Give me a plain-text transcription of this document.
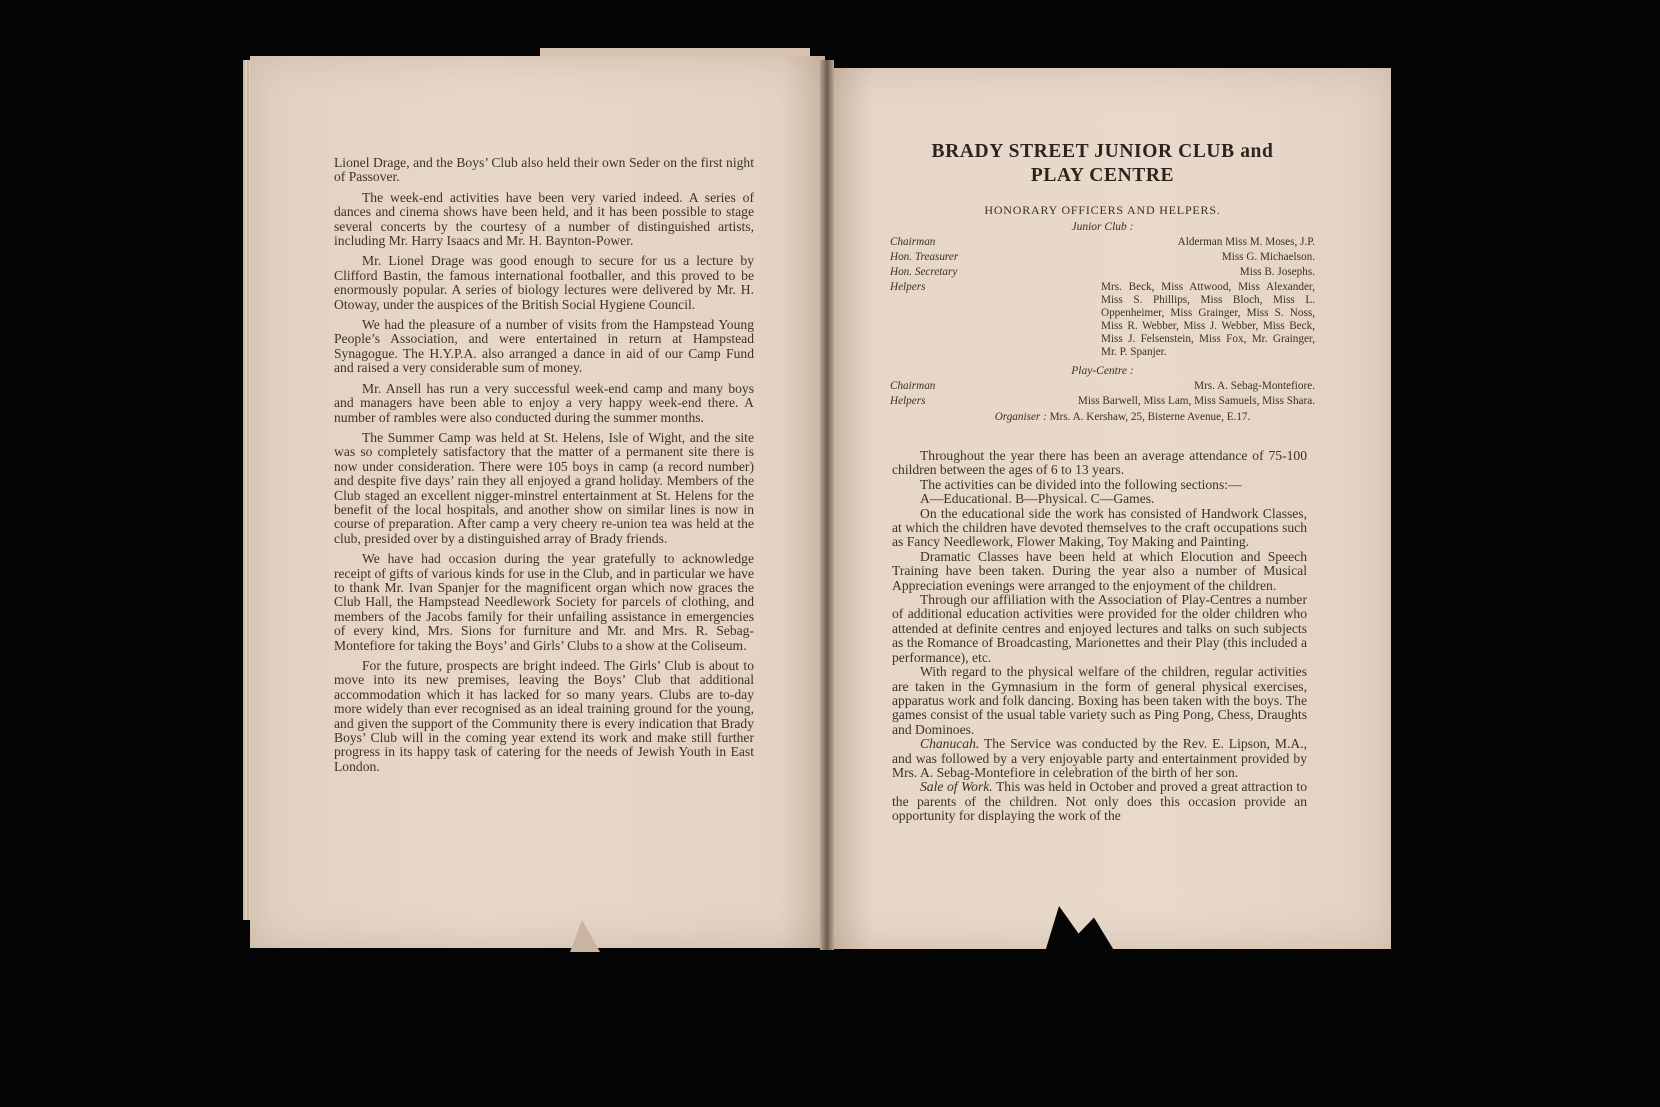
Lionel Drage, and the Boys’ Club also held their own Seder on the first night of Passover.

The week-end activities have been very varied indeed. A series of dances and cinema shows have been held, and it has been possible to stage several concerts by the courtesy of a number of distinguished artists, including Mr. Harry Isaacs and Mr. H. Baynton-Power.

Mr. Lionel Drage was good enough to secure for us a lecture by Clifford Bastin, the famous international footballer, and this proved to be enormously popular. A series of biology lectures were delivered by Mr. H. Otoway, under the auspices of the British Social Hygiene Council.

We had the pleasure of a number of visits from the Hampstead Young People’s Association, and were entertained in return at Hampstead Synagogue. The H.Y.P.A. also arranged a dance in aid of our Camp Fund and raised a very considerable sum of money.

Mr. Ansell has run a very successful week-end camp and many boys and managers have been able to enjoy a very happy week-end there. A number of rambles were also conducted during the summer months.

The Summer Camp was held at St. Helens, Isle of Wight, and the site was so completely satisfactory that the matter of a permanent site there is now under consideration. There were 105 boys in camp (a record number) and despite five days’ rain they all enjoyed a grand holiday. Members of the Club staged an excellent nigger-minstrel entertainment at St. Helens for the benefit of the local hospitals, and another show on similar lines is now in course of preparation. After camp a very cheery re-union tea was held at the club, presided over by a distinguished array of Brady friends.

We have had occasion during the year gratefully to acknowledge receipt of gifts of various kinds for use in the Club, and in particular we have to thank Mr. Ivan Spanjer for the magnificent organ which now graces the Club Hall, the Hampstead Needlework Society for parcels of clothing, and members of the Jacobs family for their unfailing assistance in emergencies of every kind, Mrs. Sions for furniture and Mr. and Mrs. R. Sebag-Montefiore for taking the Boys’ and Girls’ Clubs to a show at the Coliseum.

For the future, prospects are bright indeed. The Girls’ Club is about to move into its new premises, leaving the Boys’ Club that additional accommodation which it has lacked for so many years. Clubs are to-day more widely than ever recognised as an ideal training ground for the young, and given the support of the Community there is every indication that Brady Boys’ Club will in the coming year extend its work and make still further progress in its happy task of catering for the needs of Jewish Youth in East London.

BRADY STREET JUNIOR CLUB and
PLAY CENTRE
HONORARY OFFICERS AND HELPERS.
Junior Club :
Chairman	Alderman Miss M. Moses, J.P.
Hon. Treasurer	Miss G. Michaelson.
Hon. Secretary	Miss B. Josephs.
Helpers	Mrs. Beck, Miss Attwood, Miss Alexander, Miss S. Phillips, Miss Bloch, Miss L. Oppenheimer, Miss Grainger, Miss S. Noss, Miss R. Webber, Miss J. Webber, Miss Beck, Miss J. Felsenstein, Miss Fox, Mr. Grainger, Mr. P. Spanjer.
Play-Centre :
Chairman	Mrs. A. Sebag-Montefiore.
Helpers	Miss Barwell, Miss Lam, Miss Samuels, Miss Shara.
Organiser : Mrs. A. Kershaw, 25, Bisterne Avenue, E.17.

Throughout the year there has been an average attendance of 75-100 children between the ages of 6 to 13 years.

The activities can be divided into the following sections:—

A—Educational. B—Physical. C—Games.

On the educational side the work has consisted of Handwork Classes, at which the children have devoted themselves to the craft occupations such as Fancy Needlework, Flower Making, Toy Making and Painting.

Dramatic Classes have been held at which Elocution and Speech Training have been taken. During the year also a number of Musical Appreciation evenings were arranged to the enjoyment of the children.

Through our affiliation with the Association of Play-Centres a number of additional education activities were provided for the older children who attended at definite centres and enjoyed lectures and talks on such subjects as the Romance of Broadcasting, Marionettes and their Play (this included a performance), etc.

With regard to the physical welfare of the children, regular activities are taken in the Gymnasium in the form of general physical exercises, apparatus work and folk dancing. Boxing has been taken with the boys. The games consist of the usual table variety such as Ping Pong, Chess, Draughts and Dominoes.

Chanucah. The Service was conducted by the Rev. E. Lipson, M.A., and was followed by a very enjoyable party and entertainment provided by Mrs. A. Sebag-Montefiore in celebration of the birth of her son.

Sale of Work. This was held in October and proved a great attraction to the parents of the children. Not only does this occasion provide an opportunity for displaying the work of the
